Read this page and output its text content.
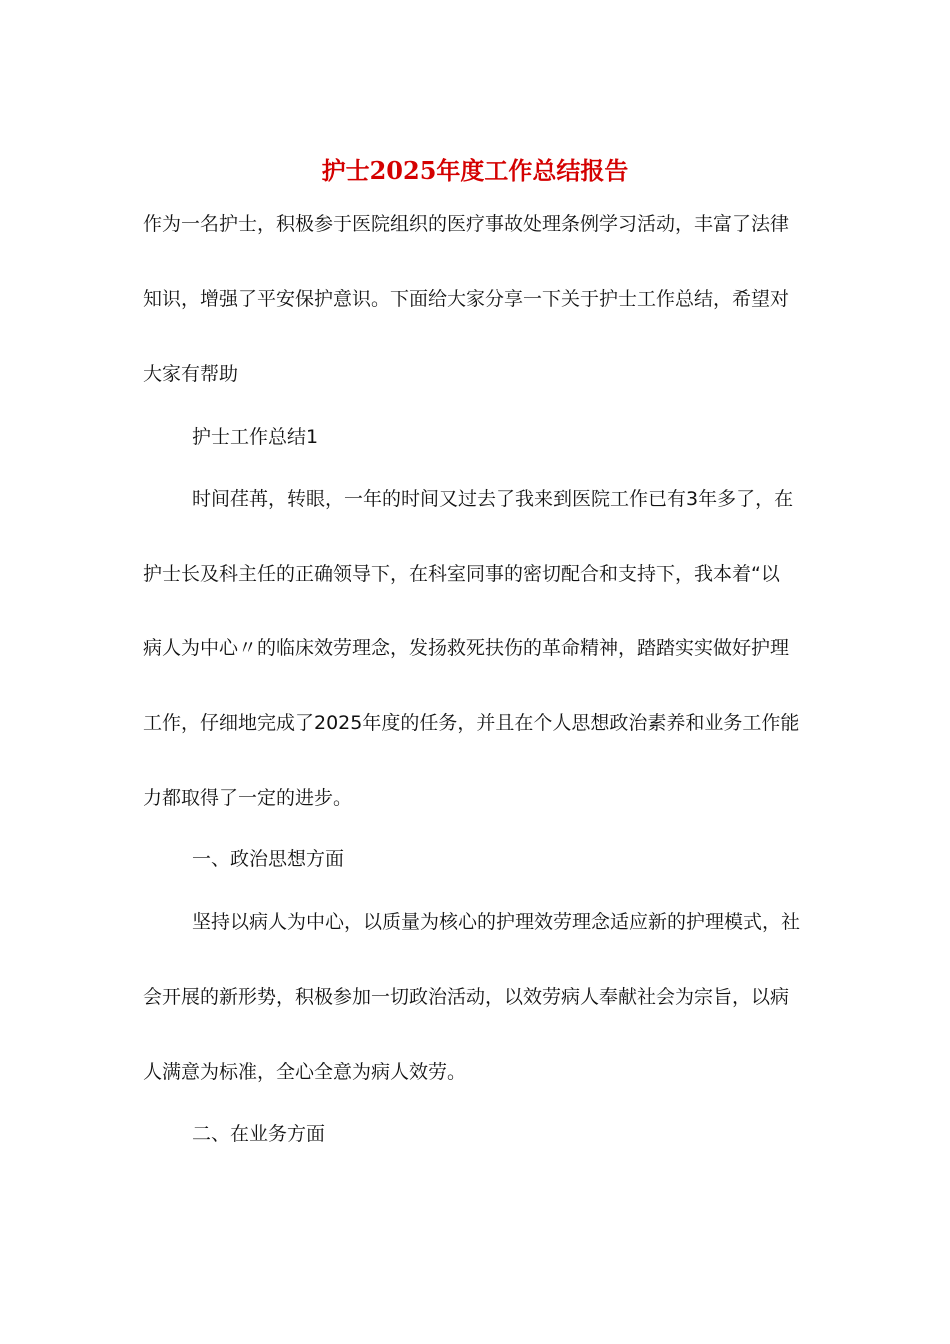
护士2025年度工作总结报告
作为一名护士，积极参于医院组织的医疗事故处理条例学习活动，丰富了法律
知识，增强了平安保护意识。下面给大家分享一下关于护士工作总结，希望对
大家有帮助
护士工作总结1
时间荏苒，转眼，一年的时间又过去了我来到医院工作已有3年多了，在
护士长及科主任的正确领导下，在科室同事的密切配合和支持下，我本着“以
病人为中心〃的临床效劳理念，发扬救死扶伤的革命精神，踏踏实实做好护理
工作，仔细地完成了2025年度的任务，并且在个人思想政治素养和业务工作能
力都取得了一定的进步。
一、政治思想方面
坚持以病人为中心，以质量为核心的护理效劳理念适应新的护理模式，社
会开展的新形势，积极参加一切政治活动，以效劳病人奉献社会为宗旨，以病
人满意为标准，全心全意为病人效劳。
二、在业务方面
